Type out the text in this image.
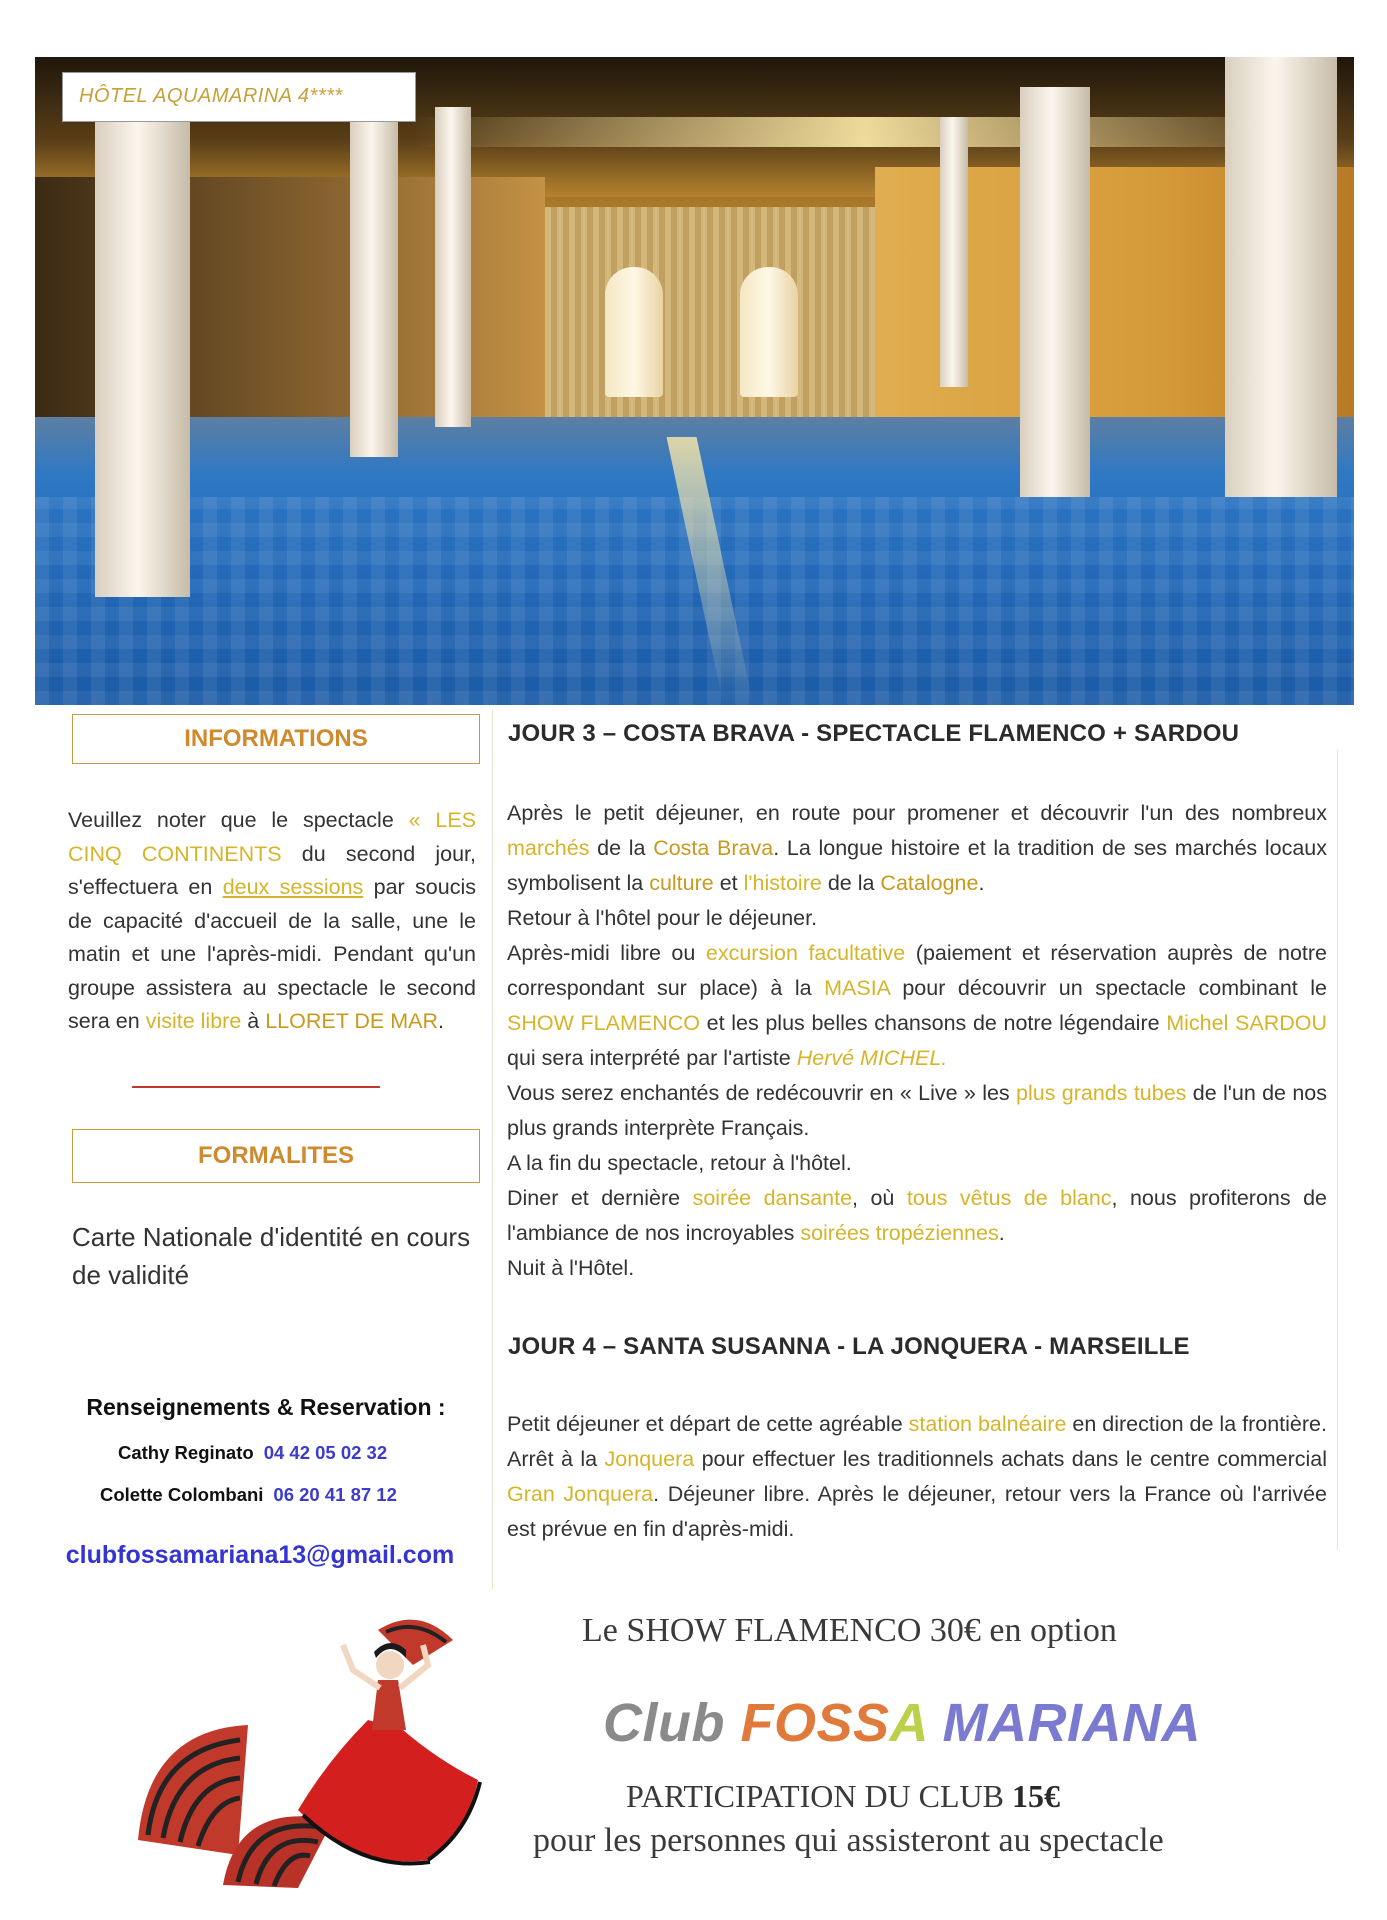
HÔTEL AQUAMARINA 4****
INFORMATIONS
Veuillez noter que le spectacle « LES CINQ CONTINENTS du second jour, s'effectuera en deux sessions par soucis de capacité d'accueil de la salle, une le matin et une l'après-midi. Pendant qu'un groupe assistera au spectacle le second sera en visite libre à LLORET DE MAR.
FORMALITES
Carte Nationale d'identité en cours de validité
Renseignements & Reservation :
Cathy Reginato 04 42 05 02 32
Colette Colombani 06 20 41 87 12
clubfossamariana13@gmail.com
JOUR 3 – COSTA BRAVA - SPECTACLE FLAMENCO + SARDOU

Après le petit déjeuner, en route pour promener et découvrir l'un des nombreux marchés de la Costa Brava. La longue histoire et la tradition de ses marchés locaux symbolisent la culture et l'histoire de la Catalogne.

Retour à l'hôtel pour le déjeuner.

Après-midi libre ou excursion facultative (paiement et réservation auprès de notre correspondant sur place) à la MASIA pour découvrir un spectacle combinant le SHOW FLAMENCO et les plus belles chansons de notre légendaire Michel SARDOU qui sera interprété par l'artiste Hervé MICHEL.

Vous serez enchantés de redécouvrir en « Live » les plus grands tubes de l'un de nos plus grands interprète Français.

A la fin du spectacle, retour à l'hôtel.

Diner et dernière soirée dansante, où tous vêtus de blanc, nous profiterons de l'ambiance de nos incroyables soirées tropéziennes.

Nuit à l'Hôtel.

JOUR 4 – SANTA SUSANNA - LA JONQUERA - MARSEILLE

Petit déjeuner et départ de cette agréable station balnéaire en direction de la frontière. Arrêt à la Jonquera pour effectuer les traditionnels achats dans le centre commercial Gran Jonquera. Déjeuner libre. Après le déjeuner, retour vers la France où l'arrivée est prévue en fin d'après-midi.

Le SHOW FLAMENCO 30€ en option
Club FOSSA MARIANA
PARTICIPATION DU CLUB 15€
pour les personnes qui assisteront au spectacle
